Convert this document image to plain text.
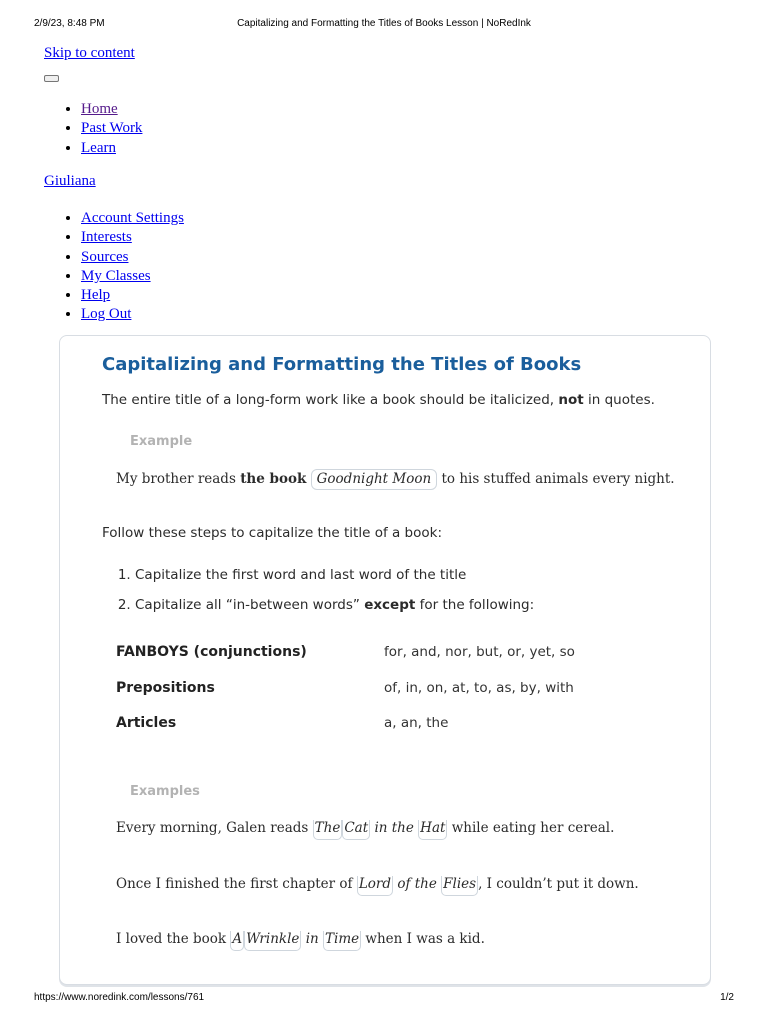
2/9/23, 8:48 PM	Capitalizing and Formatting the Titles of Books Lesson | NoRedInk
Skip to content
• Home
• Past Work
• Learn
Giuliana
• Account Settings
• Interests
• Sources
• My Classes
• Help
• Log Out
Capitalizing and Formatting the Titles of Books
The entire title of a long-form work like a book should be italicized, not in quotes.
Example
My brother reads the book Goodnight Moon to his stuffed animals every night.
Follow these steps to capitalize the title of a book:
1. Capitalize the first word and last word of the title
2. Capitalize all “in-between words” except for the following:
FANBOYS (conjunctions)	for, and, nor, but, or, yet, so
Prepositions	of, in, on, at, to, as, by, with
Articles	a, an, the
Examples
Every morning, Galen reads The Cat in the Hat while eating her cereal.
Once I finished the first chapter of Lord of the Flies , I couldn’t put it down.
I loved the book A Wrinkle in Time when I was a kid.
https://www.noredink.com/lessons/761	1/2
